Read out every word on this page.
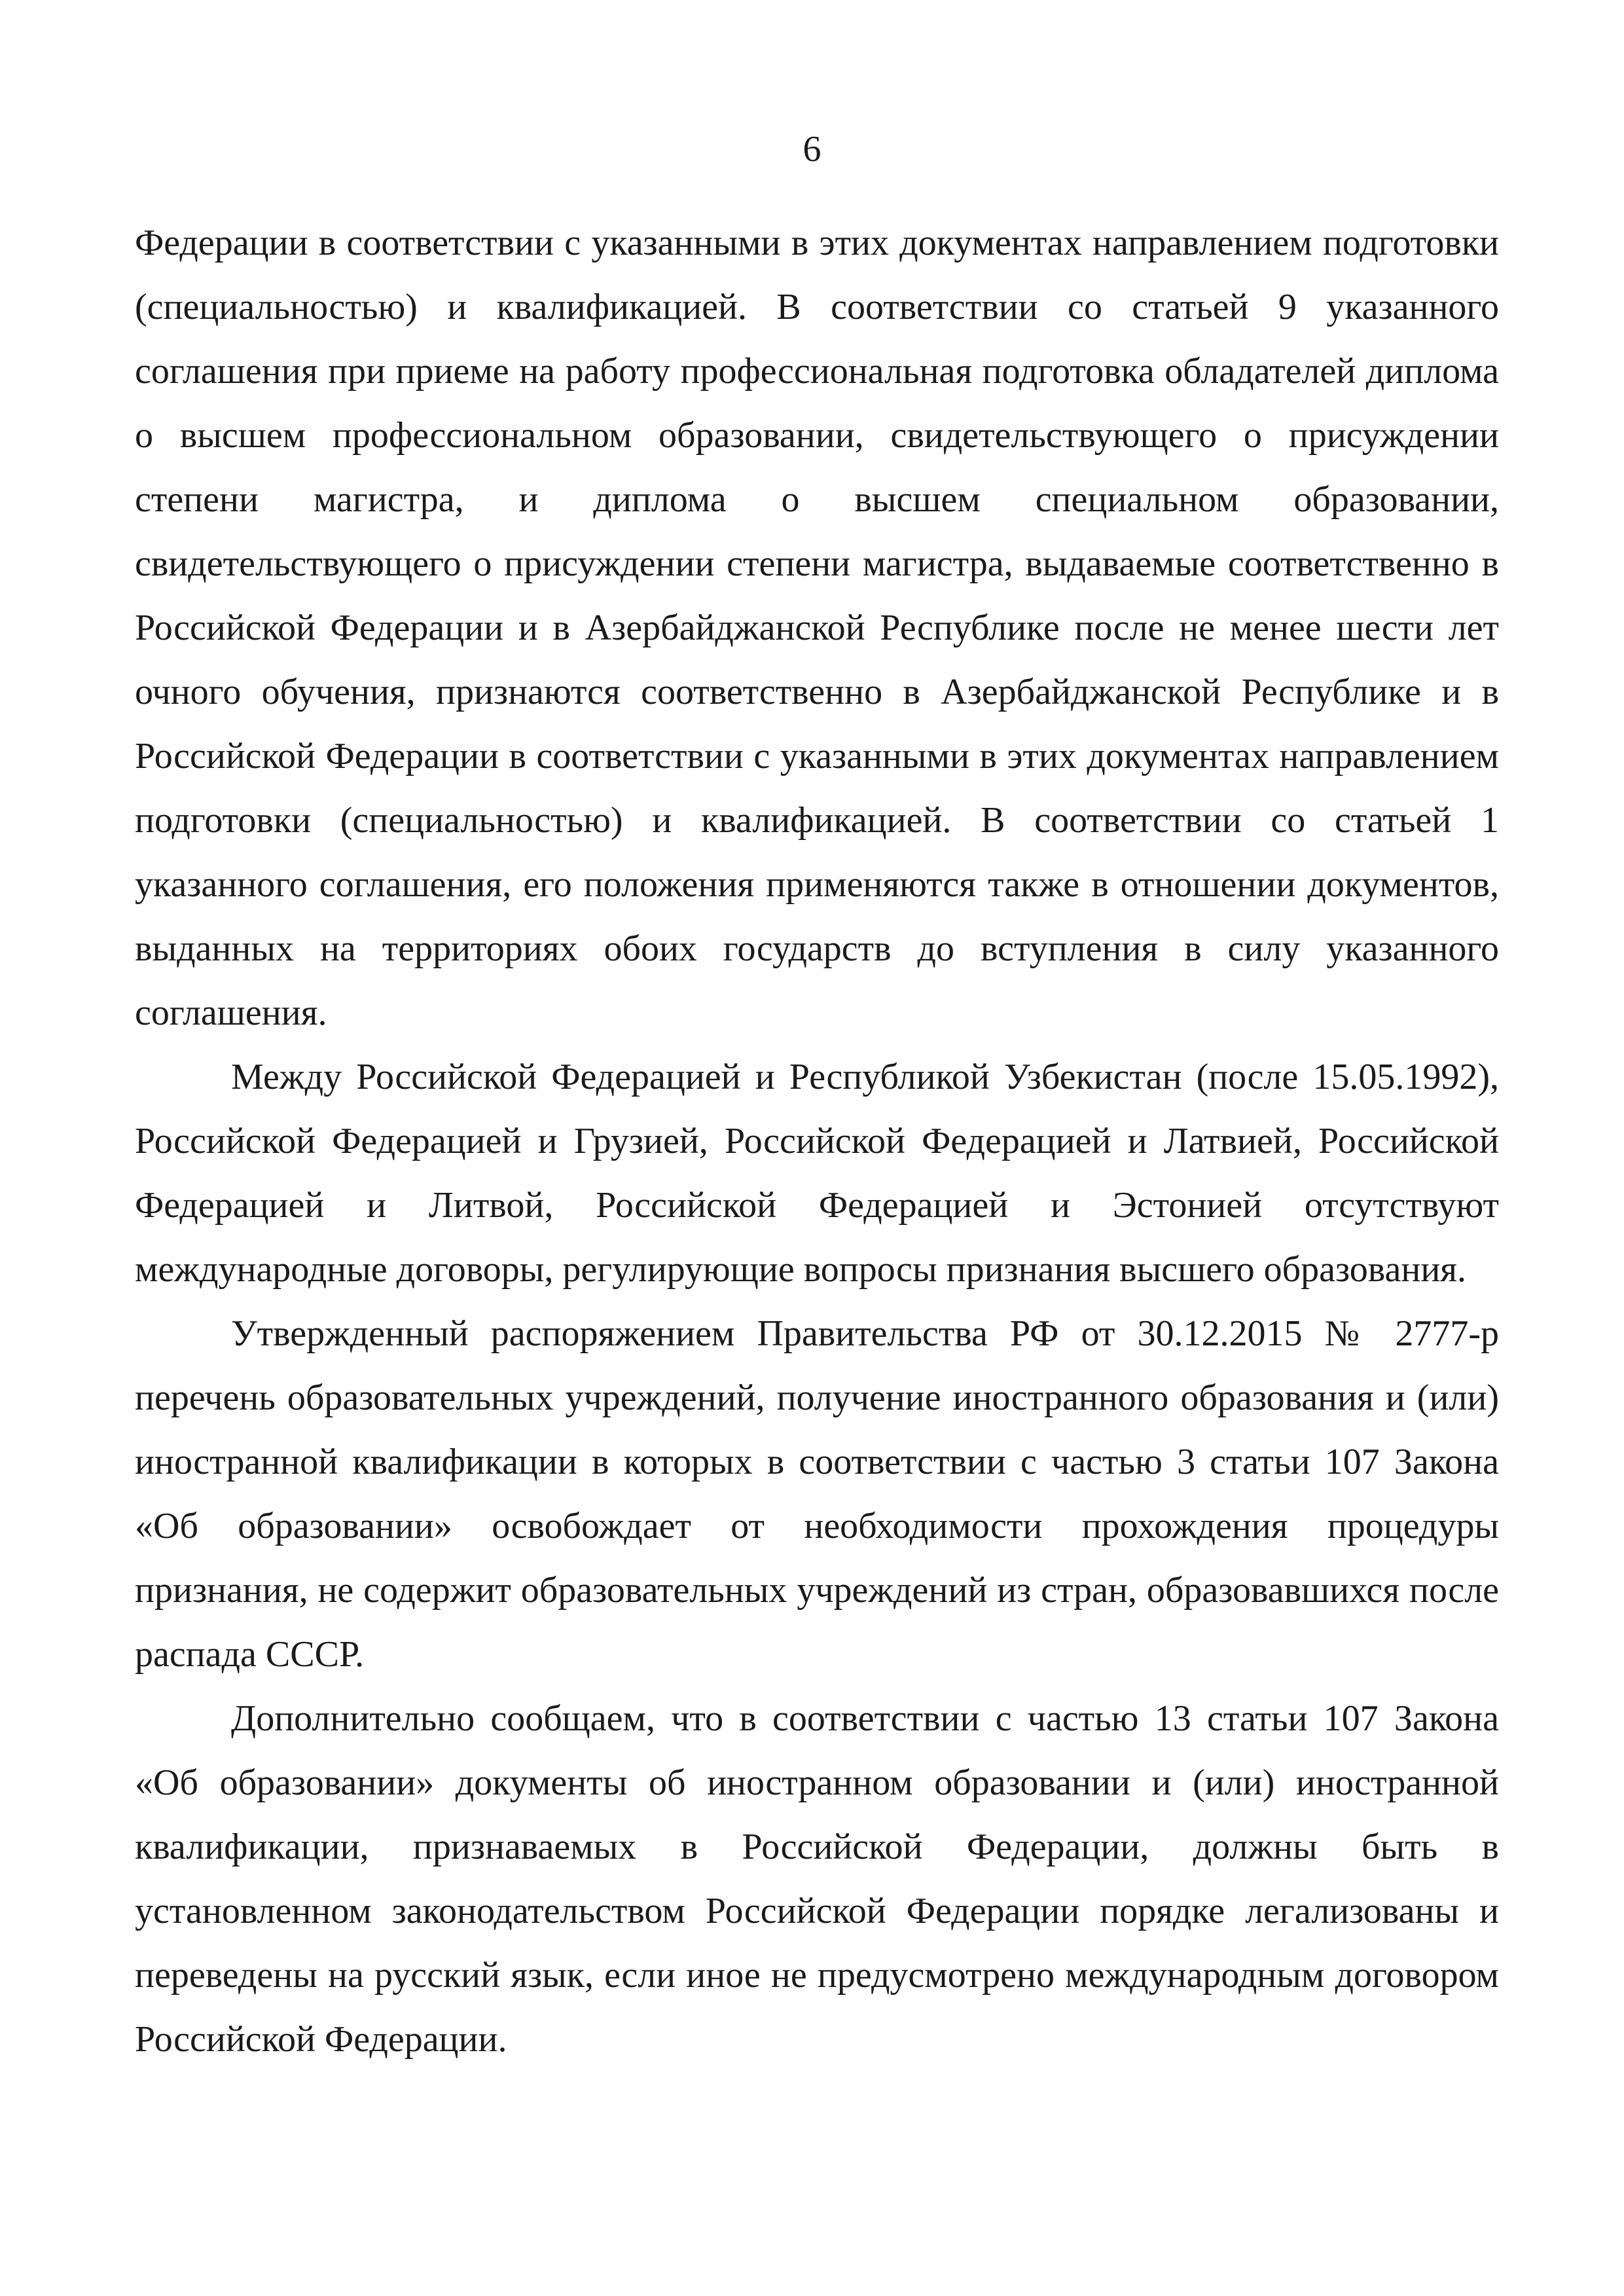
6

Федерации в соответствии с указанными в этих документах направлением подготовки (специальностью) и квалификацией. В соответствии со статьей 9 указанного соглашения при приеме на работу профессиональная подготовка обладателей диплома о высшем профессиональном образовании, свидетельствующего о присуждении степени магистра, и диплома о высшем специальном образовании, свидетельствующего о присуждении степени магистра, выдаваемые соответственно в Российской Федерации и в Азербайджанской Республике после не менее шести лет очного обучения, признаются соответственно в Азербайджанской Республике и в Российской Федерации в соответствии с указанными в этих документах направлением подготовки (специальностью) и квалификацией. В соответствии со статьей 1 указанного соглашения, его положения применяются также в отношении документов, выданных на территориях обоих государств до вступления в силу указанного соглашения.

Между Российской Федерацией и Республикой Узбекистан (после 15.05.1992), Российской Федерацией и Грузией, Российской Федерацией и Латвией, Российской Федерацией и Литвой, Российской Федерацией и Эстонией отсутствуют международные договоры, регулирующие вопросы признания высшего образования.

Утвержденный распоряжением Правительства РФ от 30.12.2015 № 2777-р перечень образовательных учреждений, получение иностранного образования и (или) иностранной квалификации в которых в соответствии с частью 3 статьи 107 Закона «Об образовании» освобождает от необходимости прохождения процедуры признания, не содержит образовательных учреждений из стран, образовавшихся после распада СССР.

Дополнительно сообщаем, что в соответствии с частью 13 статьи 107 Закона «Об образовании» документы об иностранном образовании и (или) иностранной квалификации, признаваемых в Российской Федерации, должны быть в установленном законодательством Российской Федерации порядке легализованы и переведены на русский язык, если иное не предусмотрено международным договором Российской Федерации.
